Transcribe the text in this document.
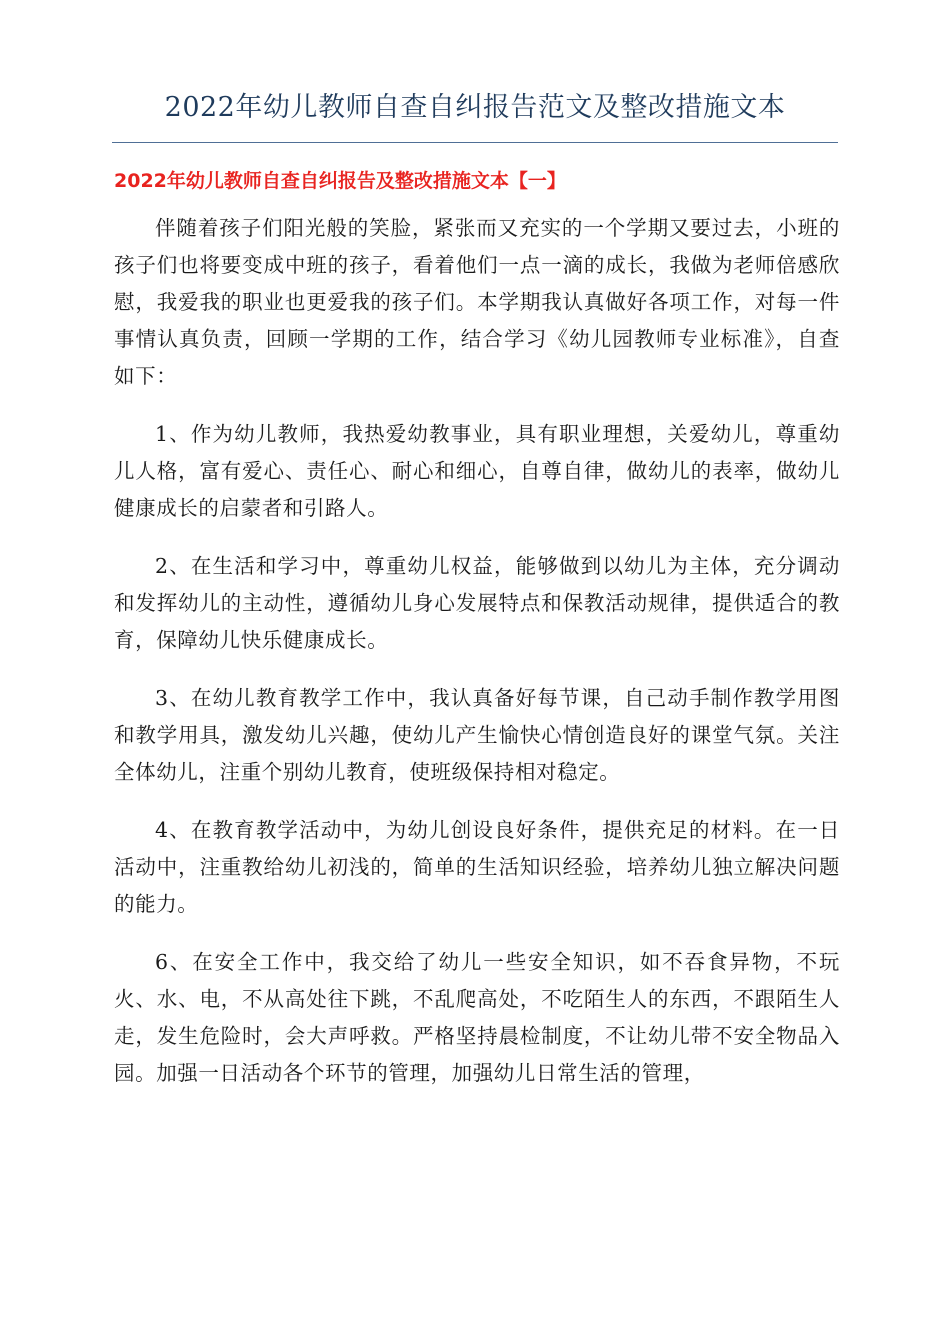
2022年幼儿教师自查自纠报告范文及整改措施文本
2022年幼儿教师自查自纠报告及整改措施文本【一】

伴随着孩子们阳光般的笑脸，紧张而又充实的一个学期又要过去，小班的孩子们也将要变成中班的孩子，看着他们一点一滴的成长，我做为老师倍感欣慰，我爱我的职业也更爱我的孩子们。本学期我认真做好各项工作，对每一件事情认真负责，回顾一学期的工作，结合学习《幼儿园教师专业标准》，自查如下：

1、作为幼儿教师，我热爱幼教事业，具有职业理想，关爱幼儿，尊重幼儿人格，富有爱心、责任心、耐心和细心，自尊自律，做幼儿的表率，做幼儿健康成长的启蒙者和引路人。

2、在生活和学习中，尊重幼儿权益，能够做到以幼儿为主体，充分调动和发挥幼儿的主动性，遵循幼儿身心发展特点和保教活动规律，提供适合的教育，保障幼儿快乐健康成长。

3、在幼儿教育教学工作中，我认真备好每节课，自己动手制作教学用图和教学用具，激发幼儿兴趣，使幼儿产生愉快心情创造良好的课堂气氛。关注全体幼儿，注重个别幼儿教育，使班级保持相对稳定。

4、在教育教学活动中，为幼儿创设良好条件，提供充足的材料。在一日活动中，注重教给幼儿初浅的，简单的生活知识经验，培养幼儿独立解决问题的能力。

6、在安全工作中，我交给了幼儿一些安全知识，如不吞食异物，不玩火、水、电，不从高处往下跳，不乱爬高处，不吃陌生人的东西，不跟陌生人走，发生危险时，会大声呼救。严格坚持晨检制度，不让幼儿带不安全物品入园。加强一日活动各个环节的管理，加强幼儿日常生活的管理，
